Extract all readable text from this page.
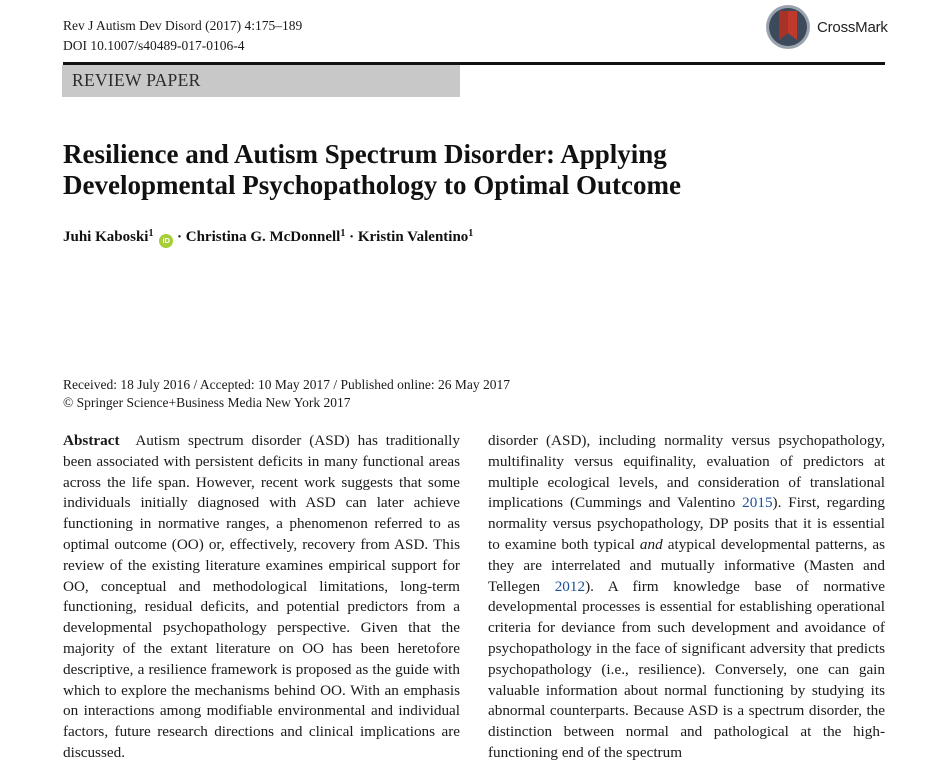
Rev J Autism Dev Disord (2017) 4:175–189
DOI 10.1007/s40489-017-0106-4
CrossMark
REVIEW PAPER
Resilience and Autism Spectrum Disorder: Applying
Developmental Psychopathology to Optimal Outcome
Juhi Kaboski$^1$ iD · Christina G. McDonnell$^1$ · Kristin Valentino$^1$
Received: 18 July 2016 / Accepted: 10 May 2017 / Published online: 26 May 2017
© Springer Science+Business Media New York 2017

Abstract Autism spectrum disorder (ASD) has traditionally been associated with persistent deficits in many functional areas across the life span. However, recent work suggests that some individuals initially diagnosed with ASD can later achieve functioning in normative ranges, a phenomenon referred to as optimal outcome (OO) or, effectively, recovery from ASD. This review of the existing literature examines empirical support for OO, conceptual and methodological limitations, long-term functioning, residual deficits, and potential predictors from a developmental psychopathology perspective. Given that the majority of the extant literature on OO has been heretofore descriptive, a resilience framework is proposed as the guide with which to explore the mechanisms behind OO. With an emphasis on interactions among modifiable environmental and individual factors, future research directions and clinical implications are discussed.

disorder (ASD), including normality versus psychopathology, multifinality versus equifinality, evaluation of predictors at multiple ecological levels, and consideration of translational implications (Cummings and Valentino 2015). First, regarding normality versus psychopathology, DP posits that it is essential to examine both typical and atypical developmental patterns, as they are interrelated and mutually informative (Masten and Tellegen 2012). A firm knowledge base of normative developmental processes is essential for establishing operational criteria for deviance from such development and avoidance of psychopathology in the face of significant adversity that predicts psychopathology (i.e., resilience). Conversely, one can gain valuable information about normal functioning by studying its abnormal counterparts. Because ASD is a spectrum disorder, the distinction between normal and pathological at the high-functioning end of the spectrum
